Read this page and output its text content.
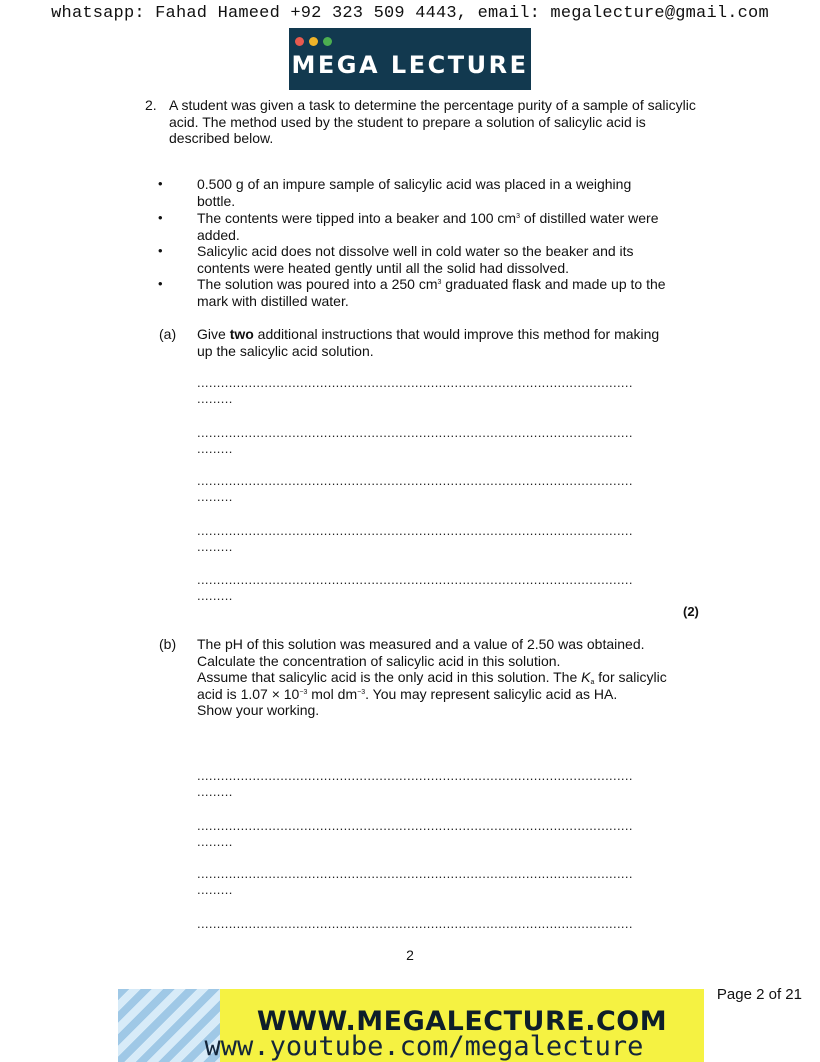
whatsapp: Fahad Hameed +92 323 509 4443, email: megalecture@gmail.com
MEGA LECTURE
2. A student was given a task to determine the percentage purity of a sample of salicylic acid. The method used by the student to prepare a solution of salicylic acid is described below.
• 0.500 g of an impure sample of salicylic acid was placed in a weighing bottle.
• The contents were tipped into a beaker and 100 $cm^3$ of distilled water were added.
• Salicylic acid does not dissolve well in cold water so the beaker and its contents were heated gently until all the solid had dissolved.
• The solution was poured into a 250 $cm^3$ graduated flask and made up to the mark with distilled water.
(a) Give two additional instructions that would improve this method for making up the salicylic acid solution.
..............................................................................................................
.........
..............................................................................................................
.........
..............................................................................................................
.........
..............................................................................................................
.........
..............................................................................................................
.........
(2)
(b) The pH of this solution was measured and a value of 2.50 was obtained.
Calculate the concentration of salicylic acid in this solution.
Assume that salicylic acid is the only acid in this solution. The $K_a$ for salicylic acid is $1.07 \times 10^{-3}$ mol $dm^{-3}$. You may represent salicylic acid as HA.
Show your working.
..............................................................................................................
.........
..............................................................................................................
.........
..............................................................................................................
.........
..............................................................................................................
2
Page 2 of 21
WWW.MEGALECTURE.COM
www.youtube.com/megalecture
